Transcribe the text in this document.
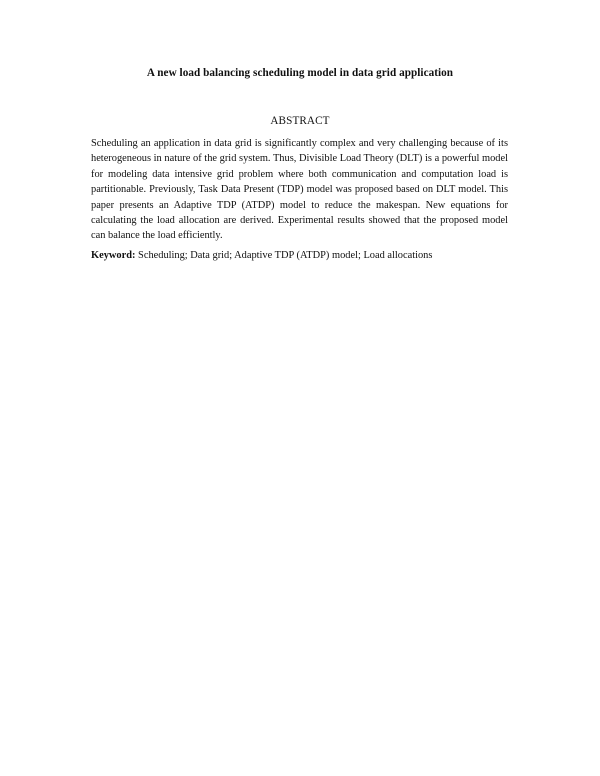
A new load balancing scheduling model in data grid application
ABSTRACT

Scheduling an application in data grid is significantly complex and very challenging because of its heterogeneous in nature of the grid system. Thus, Divisible Load Theory (DLT) is a powerful model for modeling data intensive grid problem where both communication and computation load is partitionable. Previously, Task Data Present (TDP) model was proposed based on DLT model. This paper presents an Adaptive TDP (ATDP) model to reduce the makespan. New equations for calculating the load allocation are derived. Experimental results showed that the proposed model can balance the load efficiently.

Keyword: Scheduling; Data grid; Adaptive TDP (ATDP) model; Load allocations
